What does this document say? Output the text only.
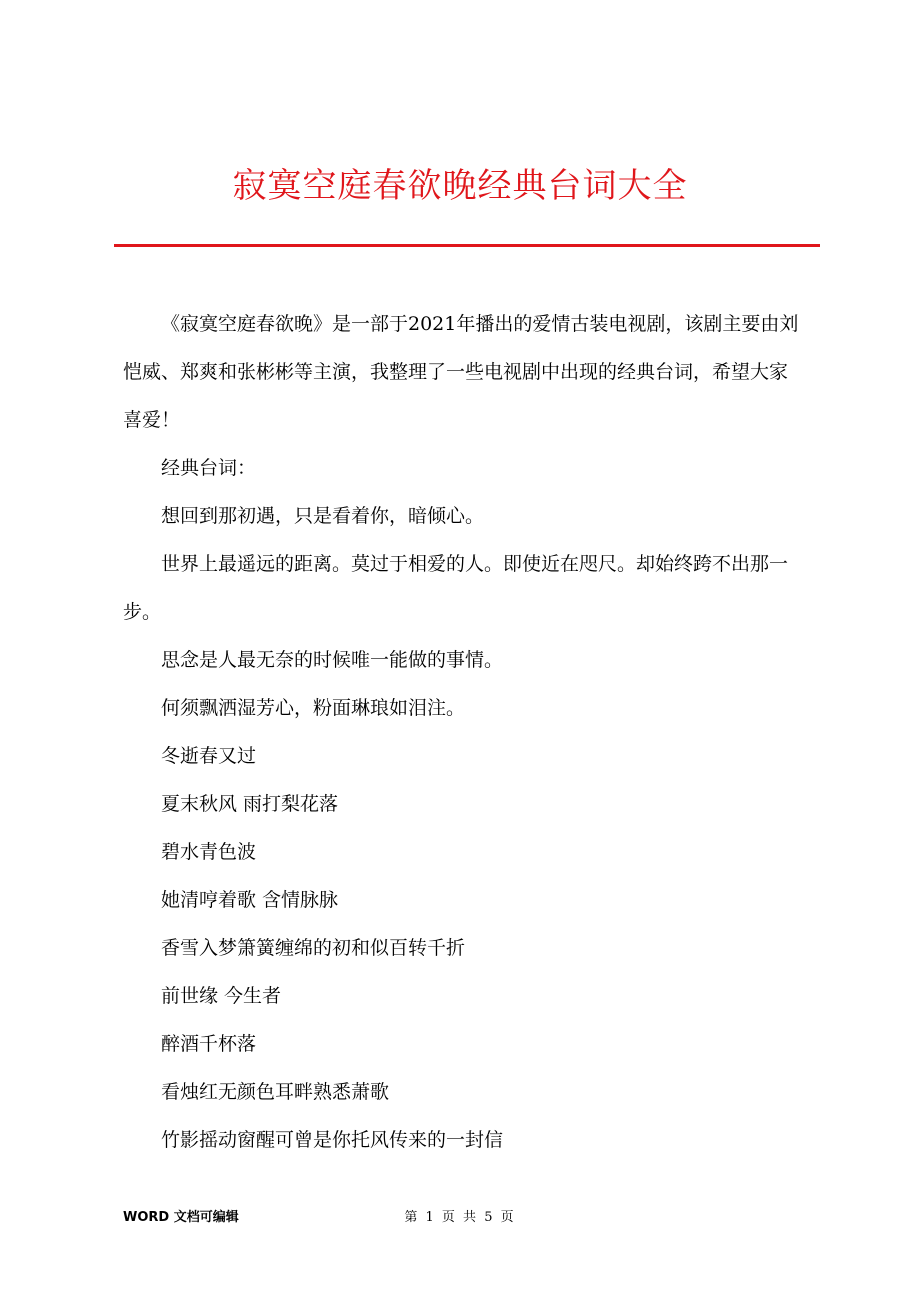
寂寞空庭春欲晚经典台词大全

《寂寞空庭春欲晚》是一部于2021年播出的爱情古装电视剧，该剧主要由刘恺威、郑爽和张彬彬等主演，我整理了一些电视剧中出现的经典台词，希望大家喜爱！

经典台词：

想回到那初遇，只是看着你，暗倾心。

世界上最遥远的距离。莫过于相爱的人。即使近在咫尺。却始终跨不出那一步。

思念是人最无奈的时候唯一能做的事情。

何须飘洒湿芳心，粉面琳琅如泪注。

冬逝春又过

夏末秋风 雨打梨花落

碧水青色波

她清哼着歌 含情脉脉

香雪入梦箫簧缠绵的初和似百转千折

前世缘 今生者

醉酒千杯落

看烛红无颜色耳畔熟悉萧歌

竹影摇动窗醒可曾是你托风传来的一封信

WORD 文档可编辑	第 1 页 共 5 页
